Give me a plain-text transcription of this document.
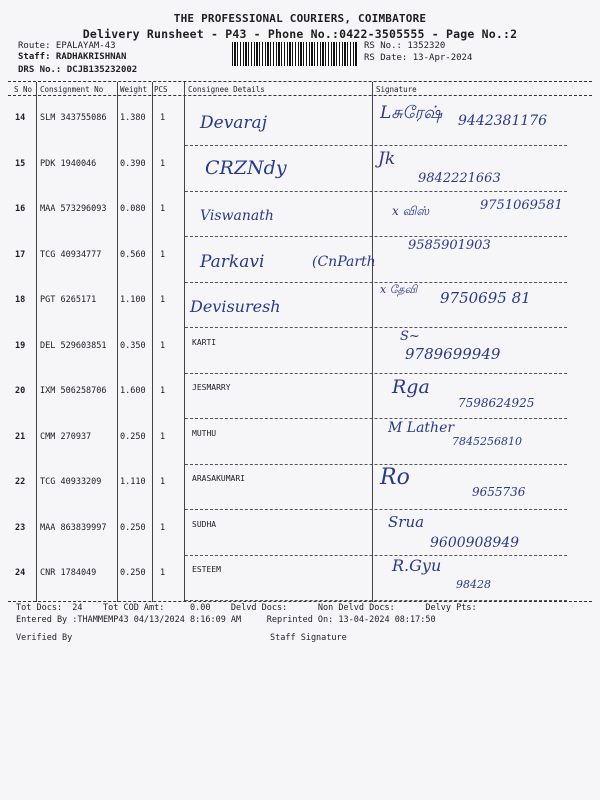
THE PROFESSIONAL COURIERS, COIMBATORE
Delivery Runsheet - P43 - Phone No.:0422-3505555 - Page No.:2
Route: EPALAYAM-43
Staff: RADHAKRISHNAN
DRS No.: DCJB135232002
RS No.: 1352320
RS Date: 13-Apr-2024
S No Consignment No Weight PCS	Consignee Details	Signature
14 SLM 343755086 1.380 1 Devaraj	Lசுரேஷ் 9442381176
15 PDK 1940046	0.390 1 CRZNdy	Jk
9842221663
16 MAA 573296093 0.080 1 Viswanath	x விஸ்	9751069581
17 TCG 40934777 0.560 1 Parkavi	(CnParth
9585901903
18 PGT 6265171	1.100 1 Devisuresh
x தேவி 9750695 81
19 DEL 529603851 0.350 1	KARTI	S~
9789699949
20 IXM 506258706 1.600 1	JESMARRY	Rga
7598624925
21 CMM 270937	0.250 1	MUTHU	M Lather
7845256810
22 TCG 40933209 1.110 1	ARASAKUMARI	Ro
9655736
23 MAA 863839997 0.250 1	SUDHA	Srua
9600908949
24 CNR 1784049	0.250 1	ESTEEM	R.Gyu
98428
Tot Docs:  24    Tot COD Amt:     0.00    Delvd Docs:      Non Delvd Docs:      Delvy Pts:
Entered By :THAMMEMP43 04/13/2024 8:16:09 AM     Reprinted On: 13-04-2024 08:17:50
Verified By	Staff Signature
